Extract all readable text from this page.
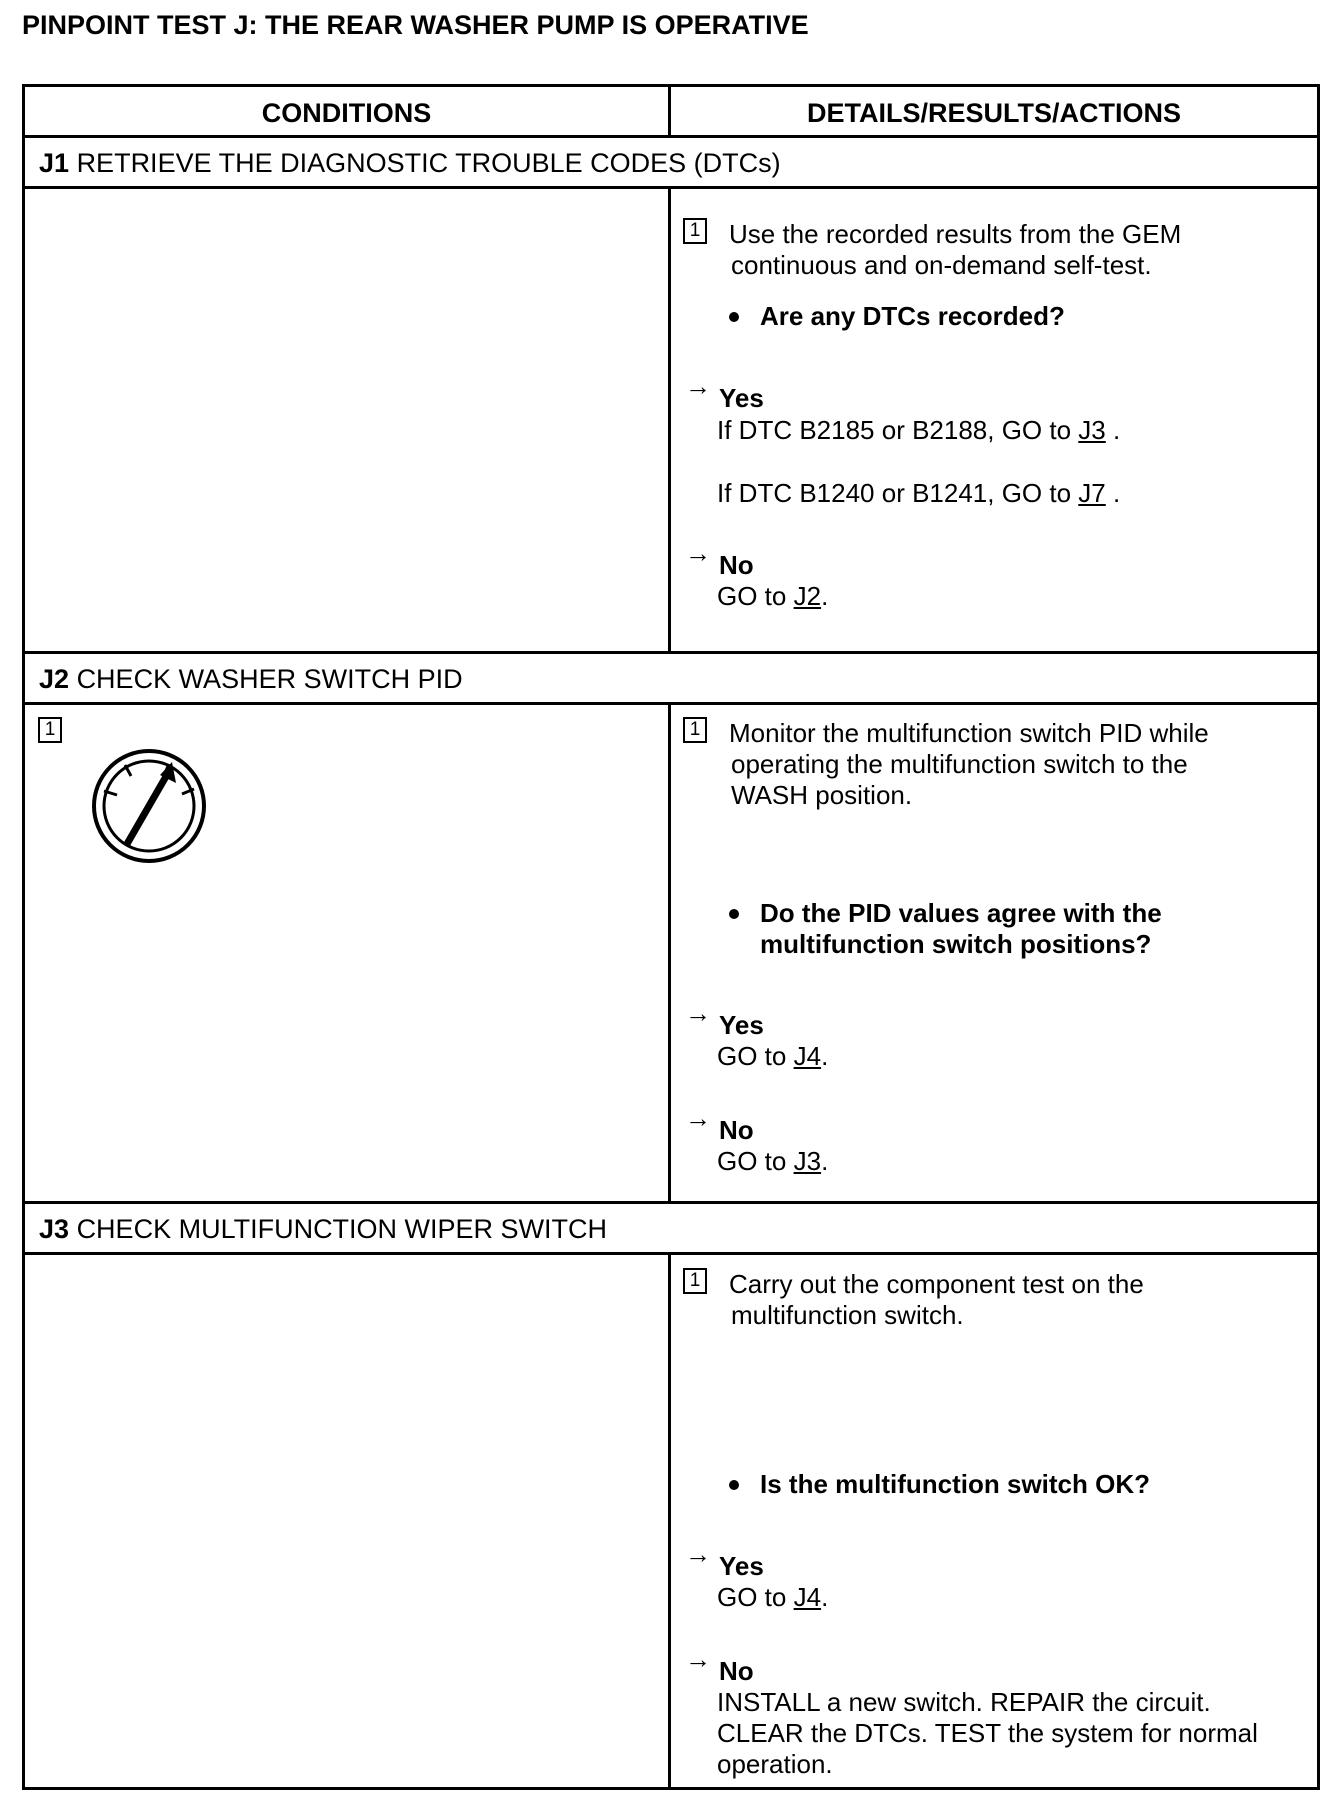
PINPOINT TEST J: THE REAR WASHER PUMP IS OPERATIVE
CONDITIONS	DETAILS/RESULTS/ACTIONS
J1 RETRIEVE THE DIAGNOSTIC TROUBLE CODES (DTCs)
1 Use the recorded results from the GEM
continuous and on-demand self-test.
Are any DTCs recorded?
→ Yes
If DTC B2185 or B2188, GO to J3 .
If DTC B1240 or B1241, GO to J7 .
→ No
GO to J2.
J2 CHECK WASHER SWITCH PID
1	1 Monitor the multifunction switch PID while
operating the multifunction switch to the
WASH position.
Do the PID values agree with the
multifunction switch positions?
→ Yes
GO to J4.
→ No
GO to J3.
J3 CHECK MULTIFUNCTION WIPER SWITCH
1 Carry out the component test on the
multifunction switch.
Is the multifunction switch OK?
→ Yes
GO to J4.
→ No
INSTALL a new switch. REPAIR the circuit.
CLEAR the DTCs. TEST the system for normal
operation.
